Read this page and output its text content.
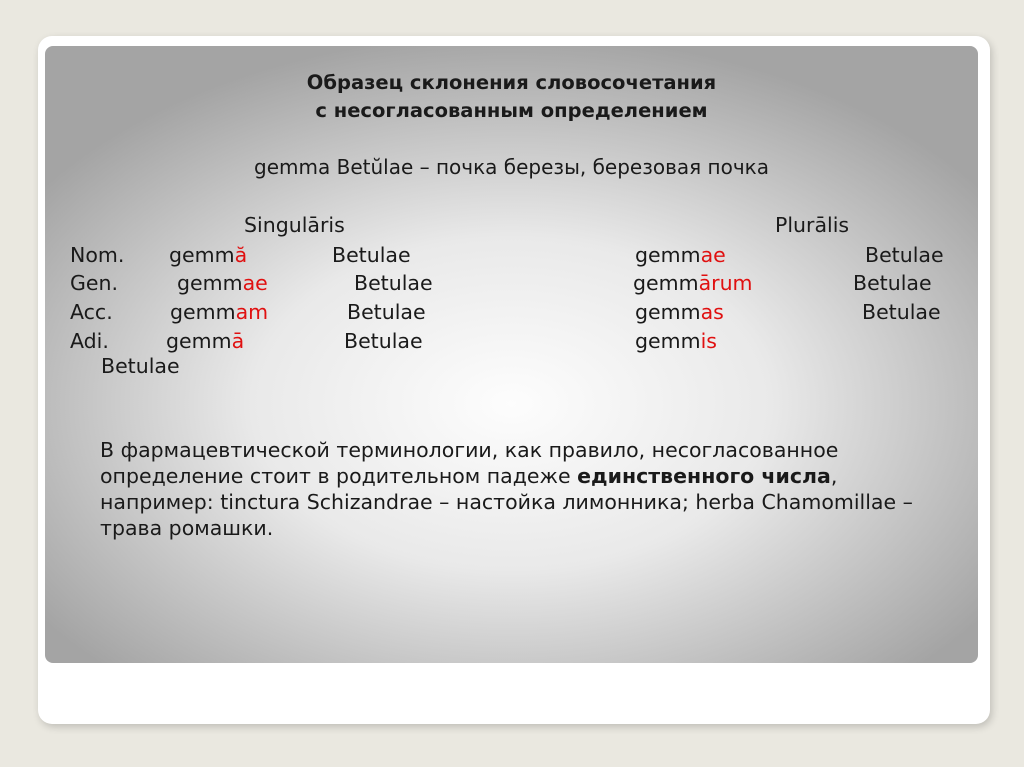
Образец склонения словосочетания
с несогласованным определением
gemma Betŭlae – почка березы, березовая почка
Singulāris	Plurālis
Nom. gemmă	Betulae	gemmae	Betulae
Gen.	gemmae	Betulae	gemmārum	Betulae
Acc.	gemmam	Betulae	gemmas	Betulae
Adi.	gemmā	Betulae	gemmis
Betulae
В фармацевтической терминологии, как правило, несогласованное определение стоит в родительном падеже единственного числа, например: tinctura Schizandrae – настойка лимонника; herba Chamomillae – трава ромашки.
